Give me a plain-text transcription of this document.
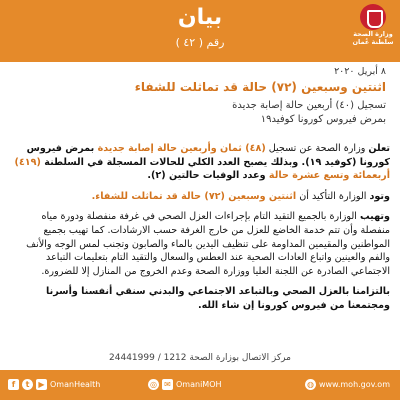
وزارة الصحة
سلطنة عُمان
بيان
رقم ( ٤٢ )
٨ أبريل ٢٠٢٠
اثنتين وسبعين (٧٢) حالة قد تماثلت للشفاء
تسجيل (٤٠) أربعين حالة إصابة جديدة
بمرض فيروس كورونا كوفيد١٩

تعلن وزارة الصحة عن تسجيل (٤٨) ثمان وأربعين حالة إصابة جديدة بمرض فيروس كورونا (كوفيد ١٩). وبذلك يصبح العدد الكلي للحالات المسجلة في السلطنة (٤١٩) أربعمائة وتسع عشرة حالة وعدد الوفيات حالتين (٢).

وتود الوزارة التأكيد أن اثنتين وسبعين (٧٢) حالة قد تماثلت للشفاء.

وتهيب الوزارة بالجميع التقيد التام بإجراءات العزل الصحي في غرفة منفصلة ودورة مياه منفصلة وأن تتم خدمة الخاضع للعزل من خارج الغرفة حسب الارشادات. كما تهيب بجميع المواطنين والمقيمين المداومة على تنظيف اليدين بالماء والصابون وتجنب لمس الوجه والأنف والفم والعينين واتباع العادات الصحية عند العطس والسعال والتقيد التام بتعليمات التباعد الاجتماعي الصادرة عن اللجنة العليا ووزارة الصحة وعدم الخروج من المنازل إلا للضرورة.

بالتزامنا بالعزل الصحي وبالتباعد الاجتماعي والبدني سنقي أنفسنا وأسرنا ومجتمعنا من فيروس كورونا إن شاء الله.

مركز الاتصال بوزارة الصحة 1212 / 24441999
f	t	▶ OmanHealth	◎ ✉ OmaniMOH	◍ www.moh.gov.om
